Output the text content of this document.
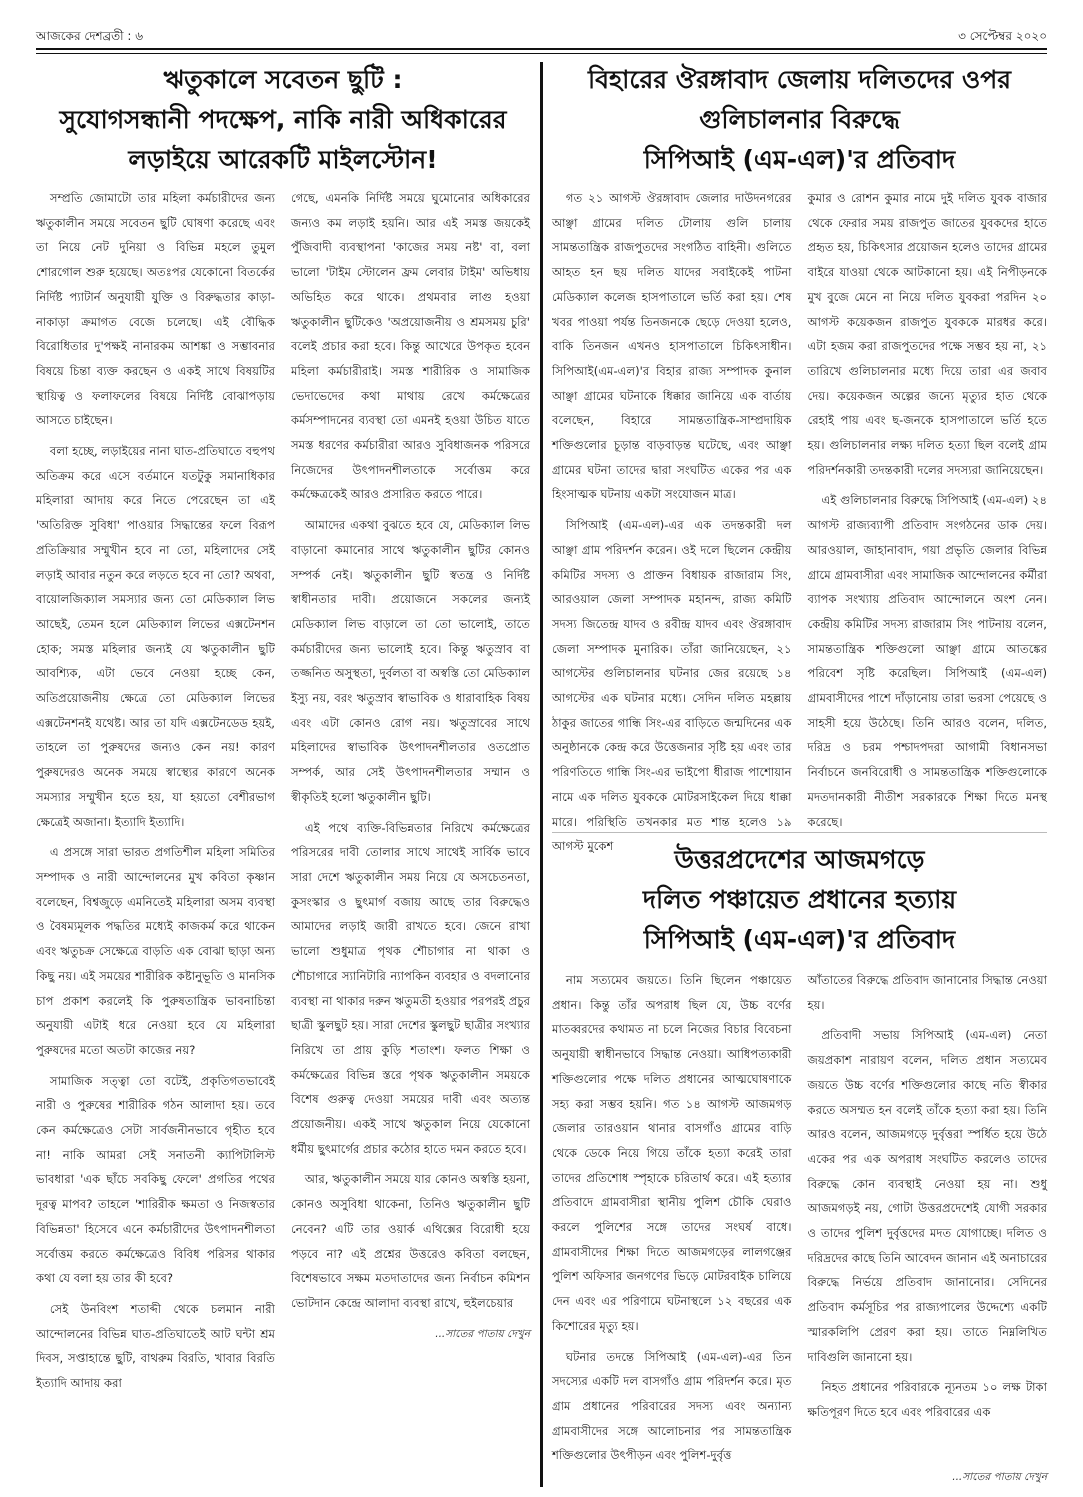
আজকের দেশব্রতী : ৬	৩ সেপ্টেম্বর ২০২০
ঋতুকালে সবেতন ছুটি :
সুযোগসন্ধানী পদক্ষেপ, নাকি নারী অধিকারের
লড়াইয়ে আরেকটি মাইলস্টোন!

সম্প্রতি জোমাটো তার মহিলা কর্মচারীদের জন্য ঋতুকালীন সময়ে সবেতন ছুটি ঘোষণা করেছে এবং তা নিয়ে নেট দুনিয়া ও বিভিন্ন মহলে তুমুল শোরগোল শুরু হয়েছে। অতঃপর যেকোনো বিতর্কের নির্দিষ্ট প্যাটার্ন অনুযায়ী যুক্তি ও বিরুদ্ধতার কাড়া-নাকাড়া ক্রমাগত বেজে চলেছে। এই বৌদ্ধিক বিরোধিতার দু'পক্ষই নানারকম আশঙ্কা ও সম্ভাবনার বিষয়ে চিন্তা ব্যক্ত করছেন ও একই সাথে বিষয়টির স্থায়িত্ব ও ফলাফলের বিষয়ে নির্দিষ্ট বোঝাপড়ায় আসতে চাইছেন।

বলা হচ্ছে, লড়াইয়ের নানা ঘাত-প্রতিঘাতে বহুপথ অতিক্রম করে এসে বর্তমানে যতটুকু সমানাধিকার মহিলারা আদায় করে নিতে পেরেছেন তা এই 'অতিরিক্ত সুবিধা' পাওয়ার সিদ্ধান্তের ফলে বিরূপ প্রতিক্রিয়ার সম্মুখীন হবে না তো, মহিলাদের সেই লড়াই আবার নতুন করে লড়তে হবে না তো? অথবা, বায়োলজিক্যাল সমস্যার জন্য তো মেডিক্যাল লিভ আছেই, তেমন হলে মেডিক্যাল লিভের এক্সটেনশন হোক; সমস্ত মহিলার জন্যই যে ঋতুকালীন ছুটি আবশ্যিক, এটা ভেবে নেওয়া হচ্ছে কেন, অতিপ্রয়োজনীয় ক্ষেত্রে তো মেডিক্যাল লিভের এক্সটেনশনই যথেষ্ট। আর তা যদি এক্সটেনডেড হয়ই, তাহলে তা পুরুষদের জন্যও কেন নয়! কারণ পুরুষদেরও অনেক সময়ে স্বাস্থ্যের কারণে অনেক সমস্যার সম্মুখীন হতে হয়, যা হয়তো বেশীরভাগ ক্ষেত্রেই অজানা। ইত্যাদি ইত্যাদি।

এ প্রসঙ্গে সারা ভারত প্রগতিশীল মহিলা সমিতির সম্পাদক ও নারী আন্দোলনের মুখ কবিতা কৃষ্ণান বলেছেন, বিশ্বজুড়ে এমনিতেই মহিলারা অসম ব্যবস্থা ও বৈষম্যমূলক পদ্ধতির মধ্যেই কাজকর্ম করে থাকেন এবং ঋতুচক্র সেক্ষেত্রে বাড়তি এক বোঝা ছাড়া অন্য কিছু নয়। এই সময়ের শারীরিক কষ্টানুভূতি ও মানসিক চাপ প্রকাশ করলেই কি পুরুষতান্ত্রিক ভাবনাচিন্তা অনুযায়ী এটাই ধরে নেওয়া হবে যে মহিলারা পুরুষদের মতো অতটা কাজের নয়?

সামাজিক সত্ত্বা তো বটেই, প্রকৃতিগতভাবেই নারী ও পুরুষের শারীরিক গঠন আলাদা হয়। তবে কেন কর্মক্ষেত্রেও সেটা সার্বজনীনভাবে গৃহীত হবে না! নাকি আমরা সেই সনাতনী ক্যাপিটালিস্ট ভাবধারা 'এক ছাঁচে সবকিছু ফেলে' প্রগতির পথের দূরত্ব মাপব? তাহলে 'শারিরীক ক্ষমতা ও নিজস্বতার বিভিন্নতা' হিসেবে এনে কর্মচারীদের উৎপাদনশীলতা সর্বোত্তম করতে কর্মক্ষেত্রেও বিবিধ পরিসর থাকার কথা যে বলা হয় তার কী হবে?

সেই উনবিংশ শতাব্দী থেকে চলমান নারী আন্দোলনের বিভিন্ন ঘাত-প্রতিঘাতেই আট ঘন্টা শ্রম দিবস, সপ্তাহান্তে ছুটি, বাথরুম বিরতি, খাবার বিরতি ইত্যাদি আদায় করা

গেছে, এমনকি নির্দিষ্ট সময়ে ঘুমোনোর অধিকারের জন্যও কম লড়াই হয়নি। আর এই সমস্ত জয়কেই পুঁজিবাদী ব্যবস্থাপনা 'কাজের সময় নষ্ট' বা, বলা ভালো 'টাইম স্টোলেন ফ্রম লেবার টাইম' অভিধায় অভিহিত করে থাকে। প্রথমবার লাগু হওয়া ঋতুকালীন ছুটিকেও 'অপ্রয়োজনীয় ও শ্রমসময় চুরি' বলেই প্রচার করা হবে। কিন্তু আখেরে উপকৃত হবেন মহিলা কর্মচারীরাই। সমস্ত শারীরিক ও সামাজিক ভেদাভেদের কথা মাথায় রেখে কর্মক্ষেত্রের কর্মসম্পাদনের ব্যবস্থা তো এমনই হওয়া উচিত যাতে সমস্ত ধরণের কর্মচারীরা আরও সুবিধাজনক পরিসরে নিজেদের উৎপাদনশীলতাকে সর্বোত্তম করে কর্মক্ষেত্রকেই আরও প্রসারিত করতে পারে।

আমাদের একথা বুঝতে হবে যে, মেডিক্যাল লিভ বাড়ানো কমানোর সাথে ঋতুকালীন ছুটির কোনও সম্পর্ক নেই। ঋতুকালীন ছুটি স্বতন্ত্র ও নির্দিষ্ট স্বাধীনতার দাবী। প্রয়োজনে সকলের জন্যই মেডিক্যাল লিভ বাড়ালে তা তো ভালোই, তাতে কর্মচারীদের জন্য ভালোই হবে। কিন্তু ঋতুস্রাব বা তজ্জনিত অসুস্থতা, দুর্বলতা বা অস্বস্তি তো মেডিক্যাল ইস্যু নয়, বরং ঋতুস্রাব স্বাভাবিক ও ধারাবাহিক বিষয় এবং এটা কোনও রোগ নয়। ঋতুস্রাবের সাথে মহিলাদের স্বাভাবিক উৎপাদনশীলতার ওতপ্রোত সম্পর্ক, আর সেই উৎপাদনশীলতার সম্মান ও স্বীকৃতিই হলো ঋতুকালীন ছুটি।

এই পথে ব্যক্তি-বিভিন্নতার নিরিখে কর্মক্ষেত্রের পরিসরের দাবী তোলার সাথে সাথেই সার্বিক ভাবে সারা দেশে ঋতুকালীন সময় নিয়ে যে অসচেতনতা, কুসংস্কার ও ছুৎমার্গ বজায় আছে তার বিরুদ্ধেও আমাদের লড়াই জারী রাখতে হবে। জেনে রাখা ভালো শুধুমাত্র পৃথক শৌচাগার না থাকা ও শৌচাগারে স্যানিটারি ন্যাপকিন ব্যবহার ও বদলানোর ব্যবস্থা না থাকার দরুন ঋতুমতী হওয়ার পরপরই প্রচুর ছাত্রী স্কুলছুট হয়। সারা দেশের স্কুলছুট ছাত্রীর সংখ্যার নিরিখে তা প্রায় কুড়ি শতাংশ। ফলত শিক্ষা ও কর্মক্ষেত্রের বিভিন্ন স্তরে পৃথক ঋতুকালীন সময়কে বিশেষ গুরুত্ব দেওয়া সময়ের দাবী এবং অত্যন্ত প্রয়োজনীয়। একই সাথে ঋতুকাল নিয়ে যেকোনো ধর্মীয় ছুৎমার্গের প্রচার কঠোর হাতে দমন করতে হবে।

আর, ঋতুকালীন সময়ে যার কোনও অস্বস্তি হয়না, কোনও অসুবিধা থাকেনা, তিনিও ঋতুকালীন ছুটি নেবেন? এটি তার ওয়ার্ক এথিক্সের বিরোধী হয়ে পড়বে না? এই প্রশ্নের উত্তরেও কবিতা বলছেন, বিশেষভাবে সক্ষম মতদাতাদের জন্য নির্বাচন কমিশন ভোটদান কেন্দ্রে আলাদা ব্যবস্থা রাখে, হুইলচেয়ার

...সাতের পাতায় দেখুন
বিহারের ঔরঙ্গাবাদ জেলায় দলিতদের ওপর
গুলিচালনার বিরুদ্ধে
সিপিআই (এম-এল)'র প্রতিবাদ

গত ২১ আগস্ট ঔরঙ্গাবাদ জেলার দাউদনগরের আঞ্ছা গ্রামের দলিত টোলায় গুলি চালায় সামন্ততান্ত্রিক রাজপুতদের সংগঠিত বাহিনী। গুলিতে আহত হন ছয় দলিত যাদের সবাইকেই পাটনা মেডিক্যাল কলেজ হাসপাতালে ভর্তি করা হয়। শেষ খবর পাওয়া পর্যন্ত তিনজনকে ছেড়ে দেওয়া হলেও, বাকি তিনজন এখনও হাসপাতালে চিকিৎসাধীন। সিপিআই(এম-এল)'র বিহার রাজ্য সম্পাদক কুনাল আঞ্ছা গ্রামের ঘটনাকে ধিক্কার জানিয়ে এক বার্তায় বলেছেন, বিহারে সামন্ততান্ত্রিক-সাম্প্রদায়িক শক্তিগুলোর চূড়ান্ত বাড়বাড়ন্ত ঘটেছে, এবং আঞ্ছা গ্রামের ঘটনা তাদের দ্বারা সংঘটিত একের পর এক হিংসাত্মক ঘটনায় একটা সংযোজন মাত্র।

সিপিআই (এম-এল)-এর এক তদন্তকারী দল আঞ্ছা গ্রাম পরিদর্শন করেন। ওই দলে ছিলেন কেন্দ্রীয় কমিটির সদস্য ও প্রাক্তন বিধায়ক রাজারাম সিং, আরওয়াল জেলা সম্পাদক মহানন্দ, রাজ্য কমিটি সদস্য জিতেন্দ্র যাদব ও রবীন্দ্র যাদব এবং ঔরঙ্গাবাদ জেলা সম্পাদক মুনারিক। তাঁরা জানিয়েছেন, ২১ আগস্টের গুলিচালনার ঘটনার জের রয়েছে ১৪ আগস্টের এক ঘটনার মধ্যে। সেদিন দলিত মহল্লায় ঠাকুর জাতের গান্ধি সিং-এর বাড়িতে জন্মদিনের এক অনুষ্ঠানকে কেন্দ্র করে উত্তেজনার সৃষ্টি হয় এবং তার পরিণতিতে গান্ধি সিং-এর ভাইপো ধীরাজ পাশোয়ান নামে এক দলিত যুবককে মোটরসাইকেল দিয়ে ধাক্কা মারে। পরিস্থিতি তখনকার মত শান্ত হলেও ১৯ আগস্ট মুকেশ

কুমার ও রোশন কুমার নামে দুই দলিত যুবক বাজার থেকে ফেরার সময় রাজপুত জাতের যুবকদের হাতে প্রহৃত হয়, চিকিৎসার প্রয়োজন হলেও তাদের গ্রামের বাইরে যাওয়া থেকে আটকানো হয়। এই নিপীড়নকে মুখ বুজে মেনে না নিয়ে দলিত যুবকরা পরদিন ২০ আগস্ট কয়েকজন রাজপুত যুবককে মারধর করে। এটা হজম করা রাজপুতদের পক্ষে সম্ভব হয় না, ২১ তারিখে গুলিচালনার মধ্যে দিয়ে তারা এর জবাব দেয়। কয়েকজন অল্পের জন্যে মৃত্যুর হাত থেকে রেহাই পায় এবং ছ-জনকে হাসপাতালে ভর্তি হতে হয়। গুলিচালনার লক্ষ্য দলিত হত্যা ছিল বলেই গ্রাম পরিদর্শনকারী তদন্তকারী দলের সদস্যরা জানিয়েছেন।

এই গুলিচালনার বিরুদ্ধে সিপিআই (এম-এল) ২৪ আগস্ট রাজ্যব্যাপী প্রতিবাদ সংগঠনের ডাক দেয়। আরওয়াল, জাহানাবাদ, গয়া প্রভৃতি জেলার বিভিন্ন গ্রামে গ্রামবাসীরা এবং সামাজিক আন্দোলনের কর্মীরা ব্যাপক সংখ্যায় প্রতিবাদ আন্দোলনে অংশ নেন। কেন্দ্রীয় কমিটির সদস্য রাজারাম সিং পাটনায় বলেন, সামন্ততান্ত্রিক শক্তিগুলো আঞ্ছা গ্রামে আতঙ্কের পরিবেশ সৃষ্টি করেছিল। সিপিআই (এম-এল) গ্রামবাসীদের পাশে দাঁড়ানোয় তারা ভরসা পেয়েছে ও সাহসী হয়ে উঠেছে। তিনি আরও বলেন, দলিত, দরিদ্র ও চরম পশ্চাদপদরা আগামী বিধানসভা নির্বাচনে জনবিরোধী ও সামন্ততান্ত্রিক শক্তিগুলোকে মদতদানকারী নীতীশ সরকারকে শিক্ষা দিতে মনস্থ করেছে।

উত্তরপ্রদেশের আজমগড়ে
দলিত পঞ্চায়েত প্রধানের হত্যায়
সিপিআই (এম-এল)'র প্রতিবাদ

নাম সত্যমেব জয়তে। তিনি ছিলেন পঞ্চায়েত প্রধান। কিন্তু তাঁর অপরাধ ছিল যে, উচ্চ বর্ণের মাতব্বরদের কথামত না চলে নিজের বিচার বিবেচনা অনুযায়ী স্বাধীনভাবে সিদ্ধান্ত নেওয়া। আধিপত্যকারী শক্তিগুলোর পক্ষে দলিত প্রধানের আত্মঘোষণাকে সহ্য করা সম্ভব হয়নি। গত ১৪ আগস্ট আজমগড় জেলার তারওয়ান থানার বাসগাঁও গ্রামের বাড়ি থেকে ডেকে নিয়ে গিয়ে তাঁকে হত্যা করেই তারা তাদের প্রতিশোধ স্পৃহাকে চরিতার্থ করে। এই হত্যার প্রতিবাদে গ্রামবাসীরা স্থানীয় পুলিশ চৌকি ঘেরাও করলে পুলিশের সঙ্গে তাদের সংঘর্ষ বাধে। গ্রামবাসীদের শিক্ষা দিতে আজমগড়ের লালগঞ্জের পুলিশ অফিসার জনগণের ভিড়ে মোটরবাইক চালিয়ে দেন এবং এর পরিণামে ঘটনাস্থলে ১২ বছরের এক কিশোরের মৃত্যু হয়।

ঘটনার তদন্তে সিপিআই (এম-এল)-এর তিন সদস্যের একটি দল বাসগাঁও গ্রাম পরিদর্শন করে। মৃত গ্রাম প্রধানের পরিবারের সদস্য এবং অন্যান্য গ্রামবাসীদের সঙ্গে আলোচনার পর সামন্ততান্ত্রিক শক্তিগুলোর উৎপীড়ন এবং পুলিশ-দুর্বৃত্ত

আঁতাতের বিরুদ্ধে প্রতিবাদ জানানোর সিদ্ধান্ত নেওয়া হয়।

প্রতিবাদী সভায় সিপিআই (এম-এল) নেতা জয়প্রকাশ নারায়ণ বলেন, দলিত প্রধান সত্যমেব জয়তে উচ্চ বর্ণের শক্তিগুলোর কাছে নতি স্বীকার করতে অসম্মত হন বলেই তাঁকে হত্যা করা হয়। তিনি আরও বলেন, আজমগড়ে দুর্বৃত্তরা স্পর্ধিত হয়ে উঠে একের পর এক অপরাধ সংঘটিত করলেও তাদের বিরুদ্ধে কোন ব্যবস্থাই নেওয়া হয় না। শুধু আজমগড়ই নয়, গোটা উত্তরপ্রদেশেই যোগী সরকার ও তাদের পুলিশ দুর্বৃত্তদের মদত যোগাচ্ছে। দলিত ও দরিদ্রদের কাছে তিনি আবেদন জানান এই অনাচারের বিরুদ্ধে নির্ভয়ে প্রতিবাদ জানানোর। সেদিনের প্রতিবাদ কর্মসূচির পর রাজ্যপালের উদ্দেশ্যে একটি স্মারকলিপি প্রেরণ করা হয়। তাতে নিম্নলিখিত দাবিগুলি জানানো হয়।

নিহত প্রধানের পরিবারকে ন্যূনতম ১০ লক্ষ টাকা ক্ষতিপূরণ দিতে হবে এবং পরিবারের এক

...সাতের পাতায় দেখুন
